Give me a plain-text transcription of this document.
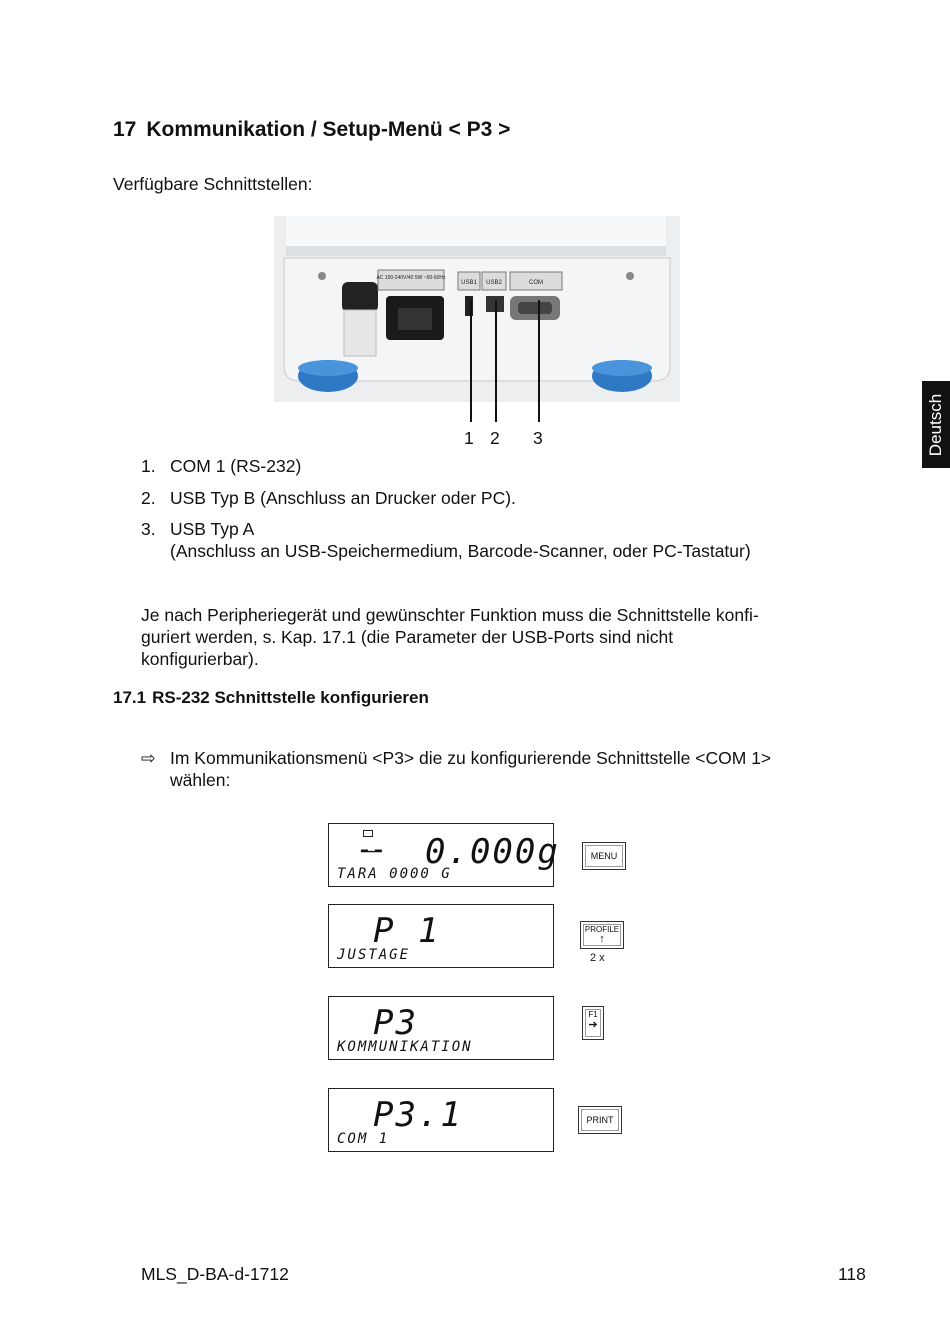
17 Kommunikation / Setup-Menü < P3 >
Verfügbare Schnittstellen:
AC 100-240V/40 5W ~50-60Hz
USB1 USB2	COM
1 2 3
1. COM 1 (RS-232)
2. USB Typ B (Anschluss an Drucker oder PC).
3. USB Typ A
(Anschluss an USB-Speichermedium, Barcode-Scanner, oder PC-Tastatur)
Je nach Peripheriegerät und gewünschter Funktion muss die Schnittstelle konfi-
guriert werden, s. Kap. 17.1 (die Parameter der USB-Ports sind nicht
konfigurierbar).
17.1 RS-232 Schnittstelle konfigurieren
⇨ Im Kommunikationsmenü <P3> die zu konfigurierende Schnittstelle <COM 1>
wählen:
▂▁▂ 0.000g
TARA 0000 G
P 1
JUSTAGE
P3
KOMMUNIKATION
P3.1
COM 1
MENU
PROFILE
↑
2 x
F1
➔
PRINT
Deutsch
MLS_D-BA-d-1712	118
